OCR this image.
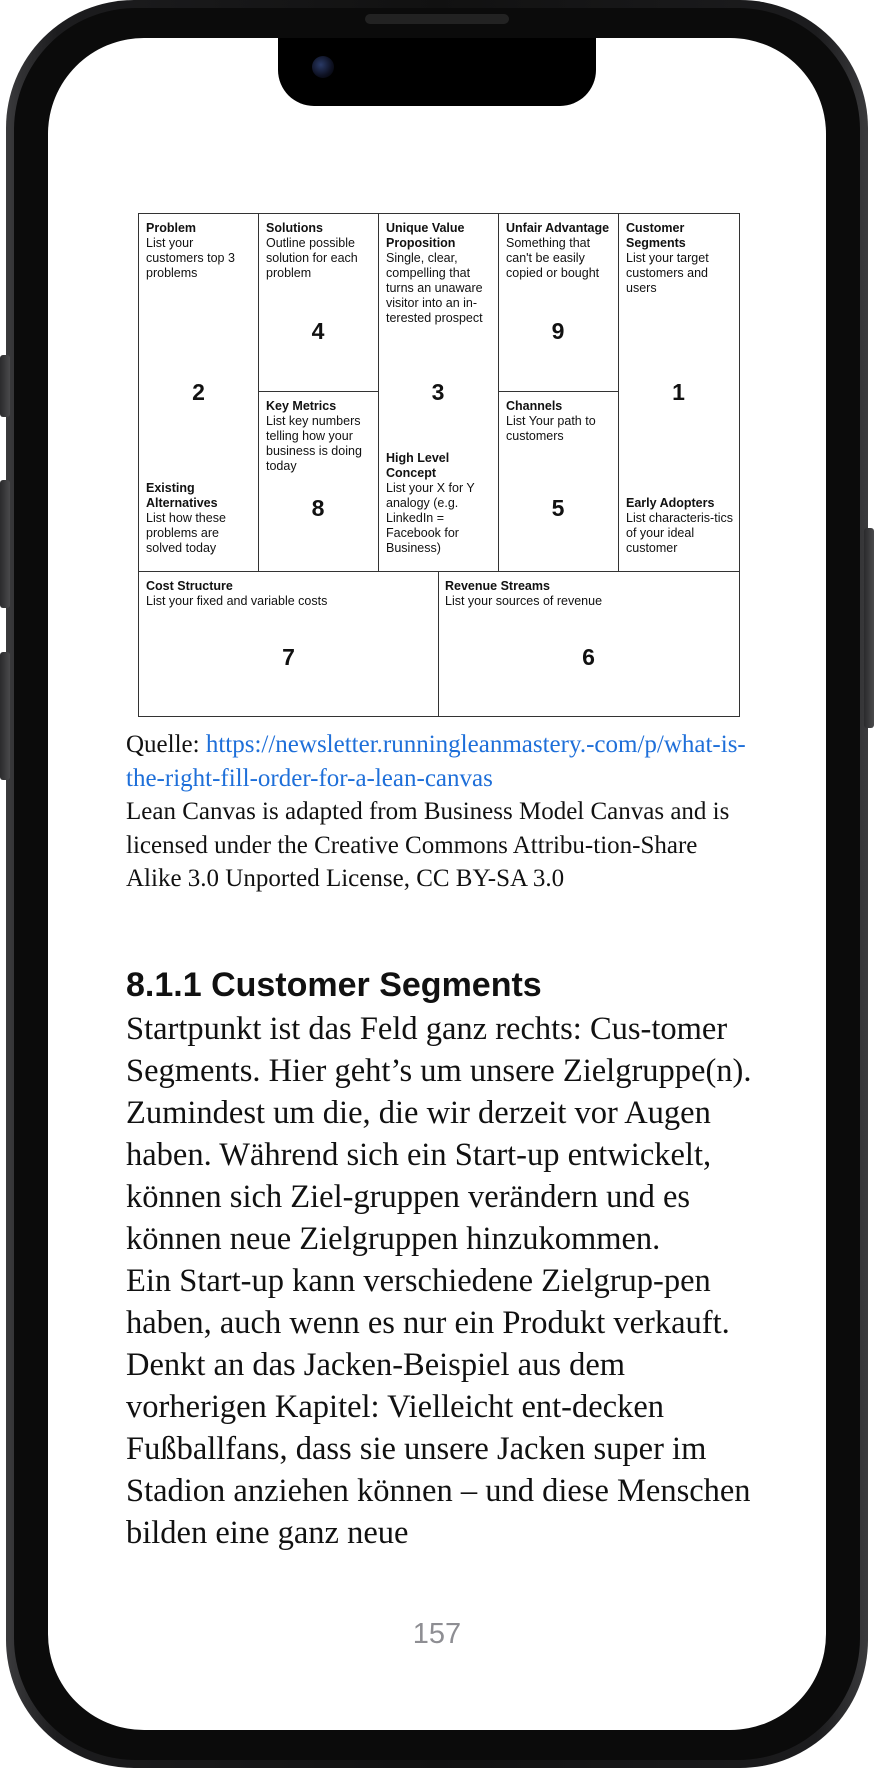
Problem
List your customers top 3 problems
2
Existing Alternatives
List how these problems are solved today
Solutions
Outline possible solution for each problem
4
Key Metrics
List key numbers telling how your business is doing today
8
Unique Value Proposition
Single, clear, compelling that turns an unaware visitor into an in-terested prospect
3
High Level Concept
List your X for Y analogy (e.g. LinkedIn = Facebook for Business)
Unfair Advantage
Something that can't be easily copied or bought
9
Channels
List Your path to customers
5
Customer Segments
List your target customers and users
1
Early Adopters
List characteris-tics of your ideal customer
Cost Structure
List your fixed and variable costs
7
Revenue Streams
List your sources of revenue
6
Quelle: https://newsletter.runningleanmastery.-com/p/what-is-the-right-fill-order-for-a-lean-canvas
Lean Canvas is adapted from Business Model Canvas and is licensed under the Creative Commons Attribu-tion-Share Alike 3.0 Unported License, CC BY-SA 3.0
8.1.1 Customer Segments

Startpunkt ist das Feld ganz rechts: Cus-tomer Segments. Hier geht’s um unsere Zielgruppe(n). Zumindest um die, die wir derzeit vor Augen haben. Während sich ein Start-up entwickelt, können sich Ziel-gruppen verändern und es können neue Zielgruppen hinzukommen.

Ein Start-up kann verschiedene Zielgrup-pen haben, auch wenn es nur ein Produkt verkauft. Denkt an das Jacken-Beispiel aus dem vorherigen Kapitel: Vielleicht ent-decken Fußballfans, dass sie unsere Jacken super im Stadion anziehen können – und diese Menschen bilden eine ganz neue

157
